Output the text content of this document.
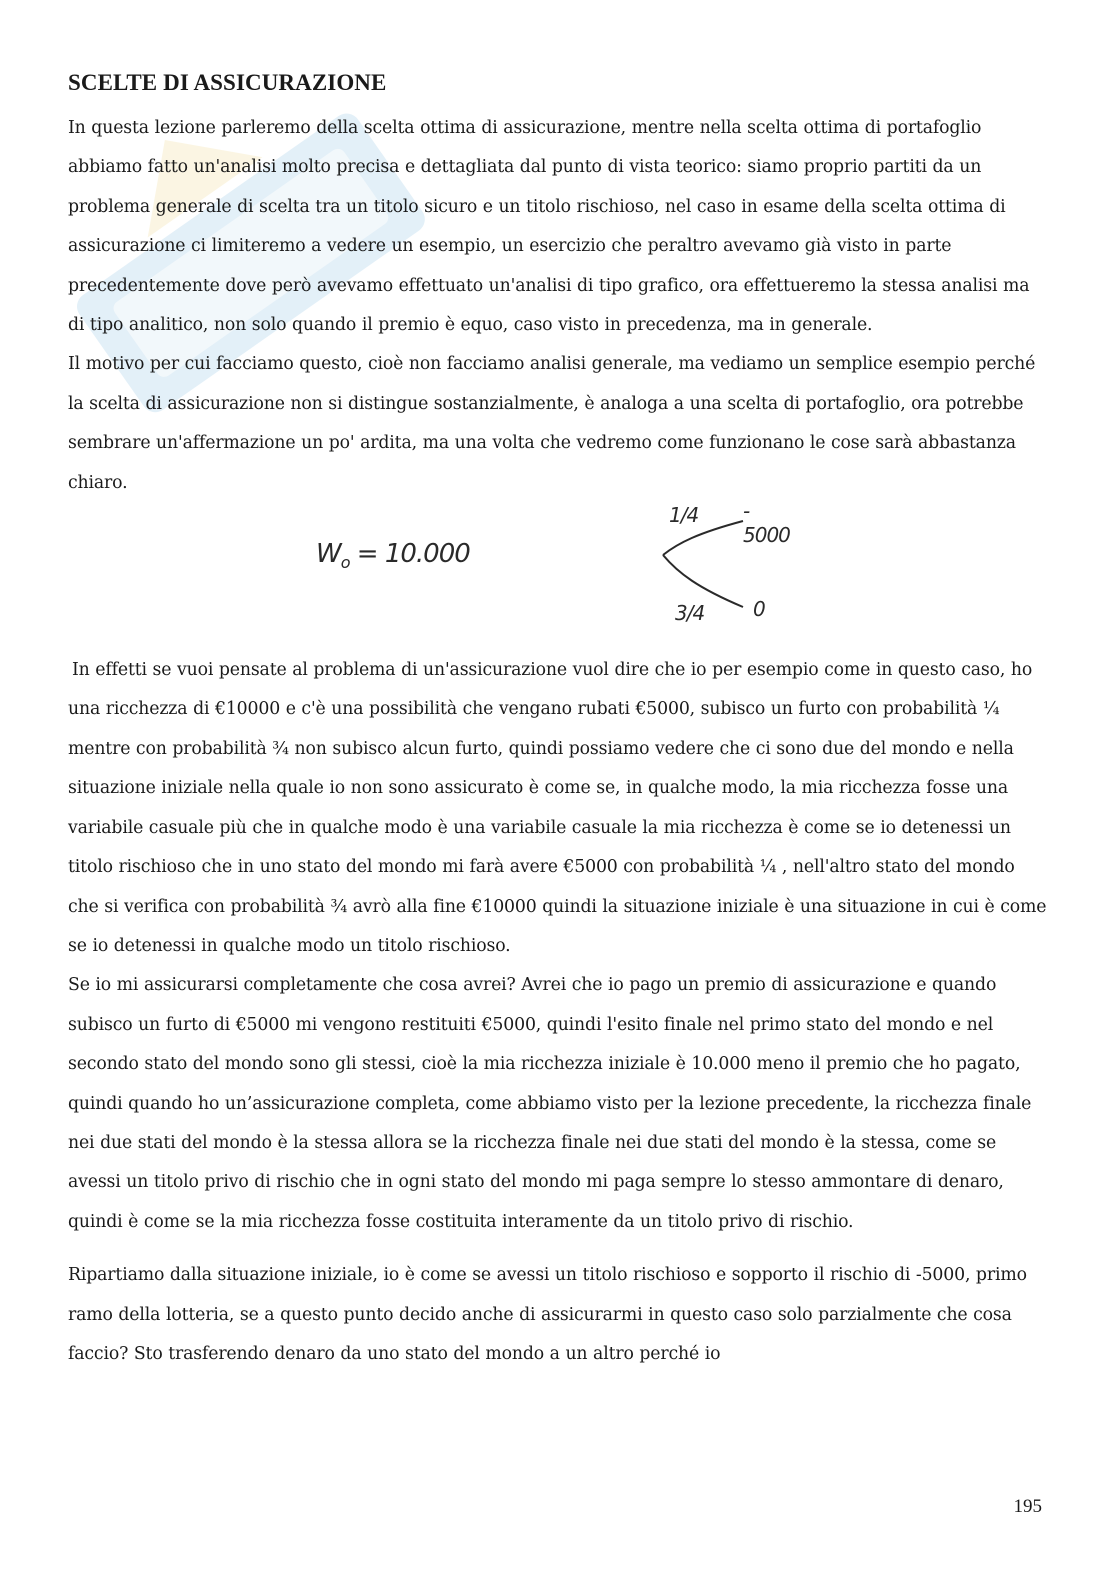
SCELTE DI ASSICURAZIONE

In questa lezione parleremo della scelta ottima di assicurazione, mentre nella scelta ottima di portafoglio abbiamo fatto un'analisi molto precisa e dettagliata dal punto di vista teorico: siamo proprio partiti da un problema generale di scelta tra un titolo sicuro e un titolo rischioso, nel caso in esame della scelta ottima di assicurazione ci limiteremo a vedere un esempio, un esercizio che peraltro avevamo già visto in parte precedentemente dove però avevamo effettuato un'analisi di tipo grafico, ora effettueremo la stessa analisi ma di tipo analitico, non solo quando il premio è equo, caso visto in precedenza, ma in generale.

Il motivo per cui facciamo questo, cioè non facciamo analisi generale, ma vediamo un semplice esempio perché la scelta di assicurazione non si distingue sostanzialmente, è analoga a una scelta di portafoglio, ora potrebbe sembrare un'affermazione un po' ardita, ma una volta che vedremo come funzionano le cose sarà abbastanza chiaro.

$W_o = 10.000$
1/4 - 5000
3/4 0

In effetti se vuoi pensate al problema di un'assicurazione vuol dire che io per esempio come in questo caso, ho una ricchezza di €10000 e c'è una possibilità che vengano rubati €5000, subisco un furto con probabilità ¼ mentre con probabilità ¾ non subisco alcun furto, quindi possiamo vedere che ci sono due del mondo e nella situazione iniziale nella quale io non sono assicurato è come se, in qualche modo, la mia ricchezza fosse una variabile casuale più che in qualche modo è una variabile casuale la mia ricchezza è come se io detenessi un titolo rischioso che in uno stato del mondo mi farà avere €5000 con probabilità ¼ , nell'altro stato del mondo che si verifica con probabilità ¾ avrò alla fine €10000 quindi la situazione iniziale è una situazione in cui è come se io detenessi in qualche modo un titolo rischioso.

Se io mi assicurarsi completamente che cosa avrei? Avrei che io pago un premio di assicurazione e quando subisco un furto di €5000 mi vengono restituiti €5000, quindi l'esito finale nel primo stato del mondo e nel secondo stato del mondo sono gli stessi, cioè la mia ricchezza iniziale è 10.000 meno il premio che ho pagato, quindi quando ho un’assicurazione completa, come abbiamo visto per la lezione precedente, la ricchezza finale nei due stati del mondo è la stessa allora se la ricchezza finale nei due stati del mondo è la stessa, come se avessi un titolo privo di rischio che in ogni stato del mondo mi paga sempre lo stesso ammontare di denaro, quindi è come se la mia ricchezza fosse costituita interamente da un titolo privo di rischio.

Ripartiamo dalla situazione iniziale, io è come se avessi un titolo rischioso e sopporto il rischio di -5000, primo ramo della lotteria, se a questo punto decido anche di assicurarmi in questo caso solo parzialmente che cosa faccio? Sto trasferendo denaro da uno stato del mondo a un altro perché io

195
